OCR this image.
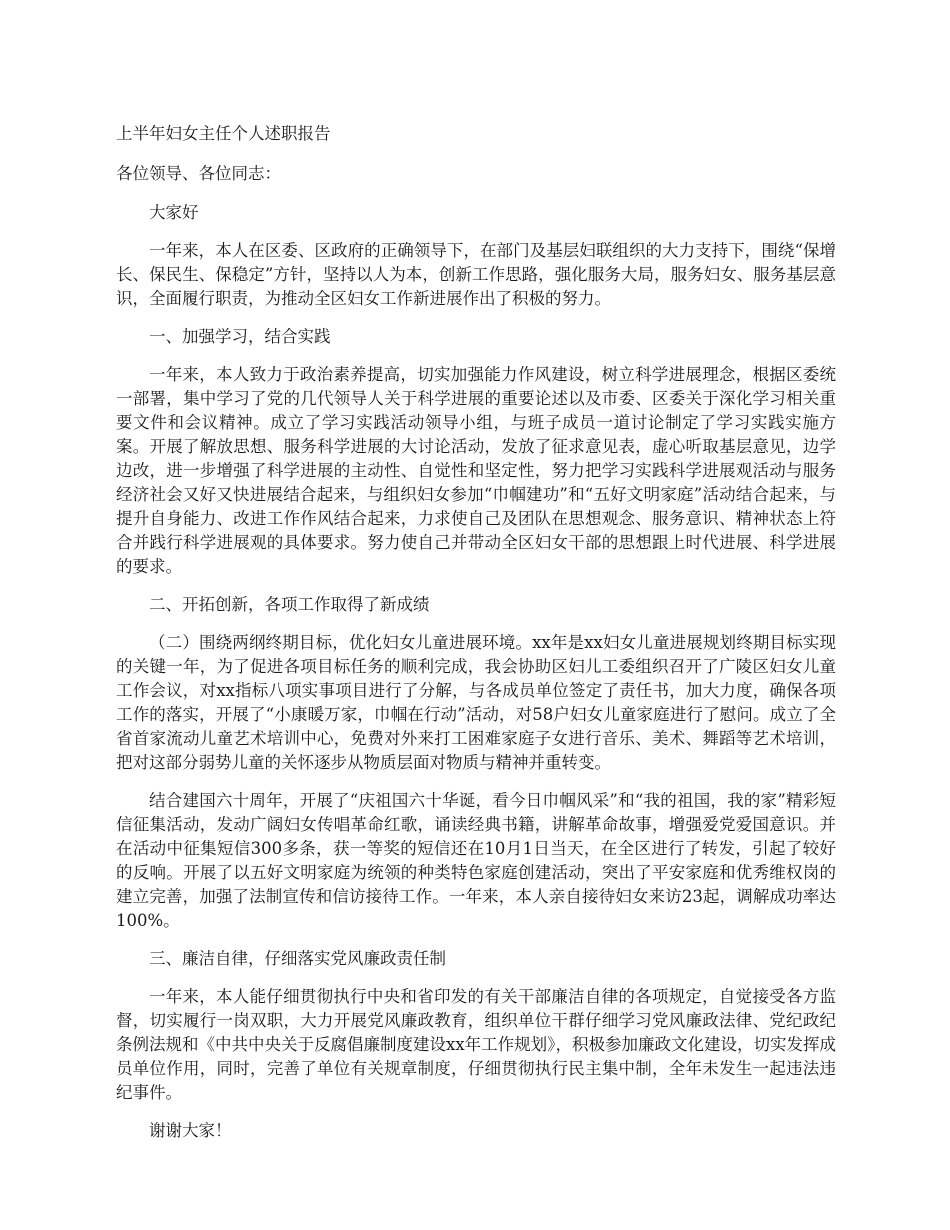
上半年妇女主任个人述职报告
各位领导、各位同志：
大家好
一年来，本人在区委、区政府的正确领导下，在部门及基层妇联组织的大力支持下，围绕“保增长、保民生、保稳定”方针，坚持以人为本，创新工作思路，强化服务大局，服务妇女、服务基层意识，全面履行职责，为推动全区妇女工作新进展作出了积极的努力。
一、加强学习，结合实践
一年来，本人致力于政治素养提高，切实加强能力作风建设，树立科学进展理念，根据区委统一部署，集中学习了党的几代领导人关于科学进展的重要论述以及市委、区委关于深化学习相关重要文件和会议精神。成立了学习实践活动领导小组，与班子成员一道讨论制定了学习实践实施方案。开展了解放思想、服务科学进展的大讨论活动，发放了征求意见表，虚心听取基层意见，边学边改，进一步增强了科学进展的主动性、自觉性和坚定性，努力把学习实践科学进展观活动与服务经济社会又好又快进展结合起来，与组织妇女参加“巾帼建功”和“五好文明家庭”活动结合起来，与提升自身能力、改进工作作风结合起来，力求使自己及团队在思想观念、服务意识、精神状态上符合并践行科学进展观的具体要求。努力使自己并带动全区妇女干部的思想跟上时代进展、科学进展的要求。
二、开拓创新，各项工作取得了新成绩
（二）围绕两纲终期目标，优化妇女儿童进展环境。xx年是xx妇女儿童进展规划终期目标实现的关键一年，为了促进各项目标任务的顺利完成，我会协助区妇儿工委组织召开了广陵区妇女儿童工作会议，对xx指标八项实事项目进行了分解，与各成员单位签定了责任书，加大力度，确保各项工作的落实，开展了“小康暖万家，巾帼在行动”活动，对58户妇女儿童家庭进行了慰问。成立了全省首家流动儿童艺术培训中心，免费对外来打工困难家庭子女进行音乐、美术、舞蹈等艺术培训，把对这部分弱势儿童的关怀逐步从物质层面对物质与精神并重转变。
结合建国六十周年，开展了“庆祖国六十华诞，看今日巾帼风采”和“我的祖国，我的家”精彩短信征集活动，发动广阔妇女传唱革命红歌，诵读经典书籍，讲解革命故事，增强爱党爱国意识。并在活动中征集短信300多条，获一等奖的短信还在10月1日当天，在全区进行了转发，引起了较好的反响。开展了以五好文明家庭为统领的种类特色家庭创建活动，突出了平安家庭和优秀维权岗的建立完善，加强了法制宣传和信访接待工作。一年来，本人亲自接待妇女来访23起，调解成功率达100%。
三、廉洁自律，仔细落实党风廉政责任制
一年来，本人能仔细贯彻执行中央和省印发的有关干部廉洁自律的各项规定，自觉接受各方监督，切实履行一岗双职，大力开展党风廉政教育，组织单位干群仔细学习党风廉政法律、党纪政纪条例法规和《中共中央关于反腐倡廉制度建设xx年工作规划》，积极参加廉政文化建设，切实发挥成员单位作用，同时，完善了单位有关规章制度，仔细贯彻执行民主集中制，全年未发生一起违法违纪事件。
谢谢大家！
